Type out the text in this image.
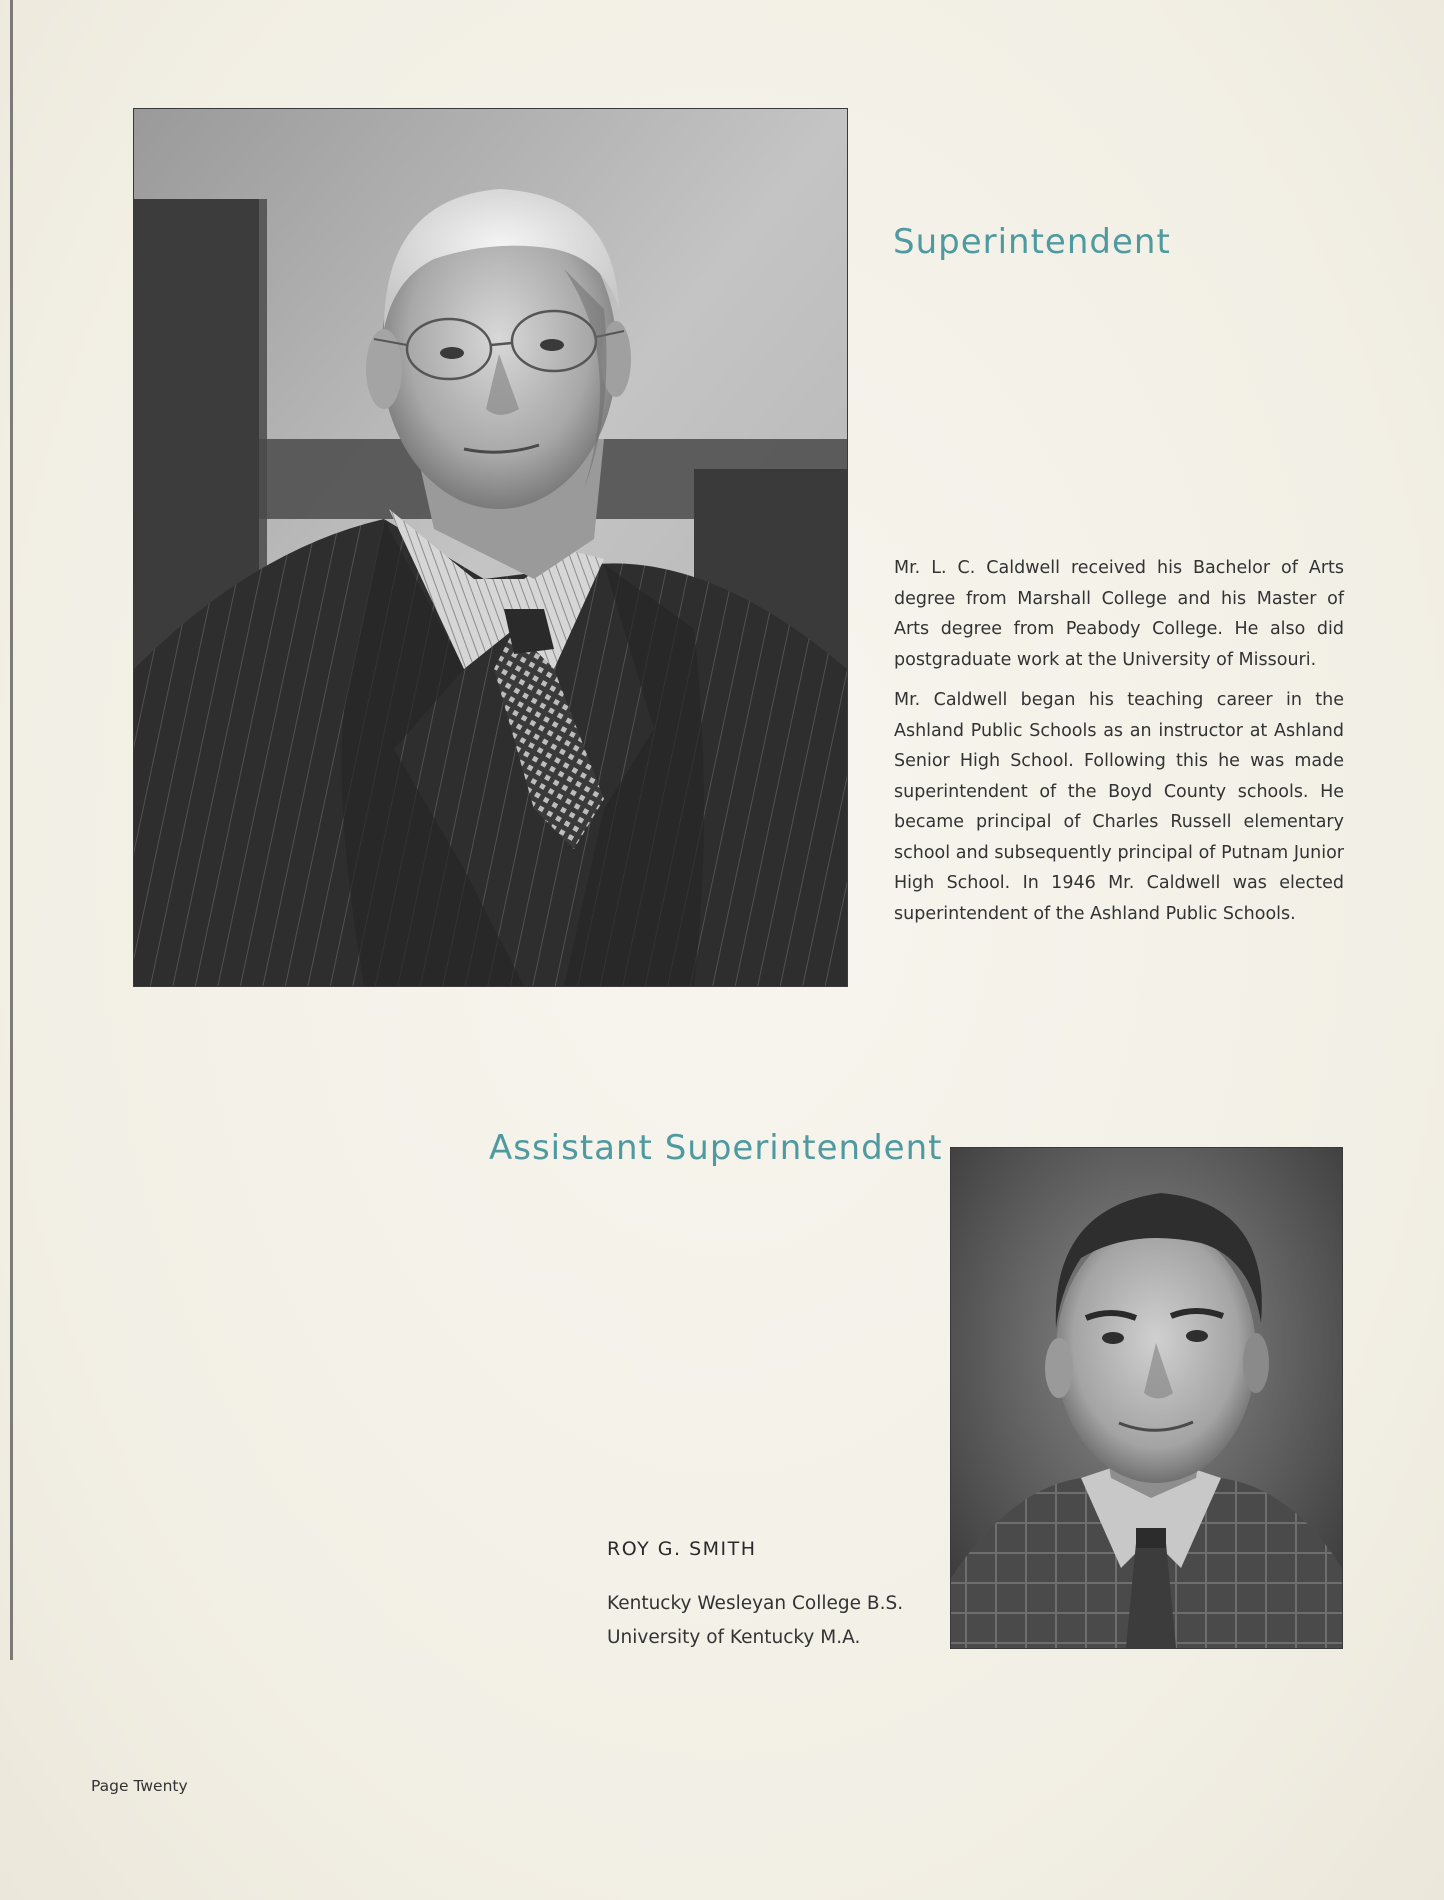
Superintendent

Mr. L. C. Caldwell received his Bachelor of Arts degree from Marshall College and his Master of Arts degree from Peabody College. He also did postgraduate work at the University of Missouri.

Mr. Caldwell began his teaching career in the Ashland Public Schools as an instructor at Ashland Senior High School. Following this he was made superintendent of the Boyd County schools. He became principal of Charles Russell elementary school and subsequently principal of Putnam Junior High School. In 1946 Mr. Caldwell was elected superintendent of the Ashland Public Schools.

Assistant Superintendent
ROY G. SMITH
Kentucky Wesleyan College B.S.
University of Kentucky M.A.
Page Twenty
